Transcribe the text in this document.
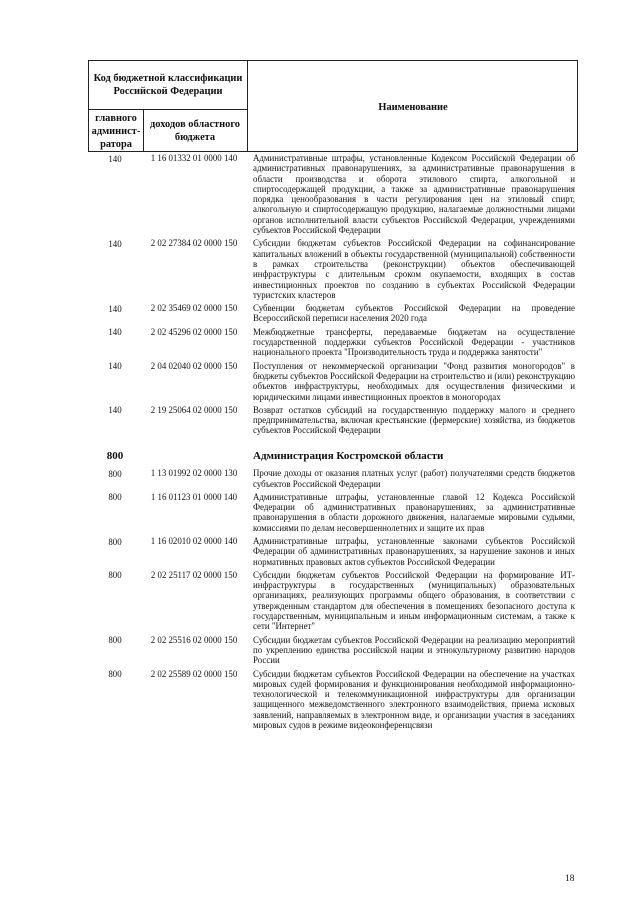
Код бюджетной классификации Российской Федерации
главного админист-ратора
доходов областного бюджета
Наименование
140	1 16 01332 01 0000 140	Административные штрафы, установленные Кодексом Российской Федерации об административных правонарушениях, за административные правонарушения в области производства и оборота этилового спирта, алкогольной и спиртосодержащей продукции, а также за административные правонарушения порядка ценообразования в части регулирования цен на этиловый спирт, алкогольную и спиртосодержащую продукцию, налагаемые должностными лицами органов исполнительной власти субъектов Российской Федерации, учреждениями субъектов Российской Федерации
140	2 02 27384 02 0000 150	Субсидии бюджетам субъектов Российской Федерации на софинансирование капитальных вложений в объекты государственной (муниципальной) собственности в рамках строительства (реконструкции) объектов обеспечивающей инфраструктуры с длительным сроком окупаемости, входящих в состав инвестиционных проектов по созданию в субъектах Российской Федерации туристских кластеров
140	2 02 35469 02 0000 150	Субвенции бюджетам субъектов Российской Федерации на проведение Всероссийской переписи населения 2020 года
140	2 02 45296 02 0000 150	Межбюджетные трансферты, передаваемые бюджетам на осуществление государственной поддержки субъектов Российской Федерации - участников национального проекта "Производительность труда и поддержка занятости"
140	2 04 02040 02 0000 150	Поступления от некоммерческой организации "Фонд развития моногородов" в бюджеты субъектов Российской Федерации на строительство и (или) реконструкцию объектов инфраструктуры, необходимых для осуществления физическими и юридическими лицами инвестиционных проектов в моногородах
140	2 19 25064 02 0000 150	Возврат остатков субсидий на государственную поддержку малого и среднего предпринимательства, включая крестьянские (фермерские) хозяйства, из бюджетов субъектов Российской Федерации
800	Администрация Костромской области
800	1 13 01992 02 0000 130	Прочие доходы от оказания платных услуг (работ) получателями средств бюджетов субъектов Российской Федерации
800	1 16 01123 01 0000 140	Административные штрафы, установленные главой 12 Кодекса Российской Федерации об административных правонарушениях, за административные правонарушения в области дорожного движения, налагаемые мировыми судьями, комиссиями по делам несовершеннолетних и защите их прав
800	1 16 02010 02 0000 140	Административные штрафы, установленные законами субъектов Российской Федерации об административных правонарушениях, за нарушение законов и иных нормативных правовых актов субъектов Российской Федерации
800	2 02 25117 02 0000 150	Субсидии бюджетам субъектов Российской Федерации на формирование ИТ-инфраструктуры в государственных (муниципальных) образовательных организациях, реализующих программы общего образования, в соответствии с утвержденным стандартом для обеспечения в помещениях безопасного доступа к государственным, муниципальным и иным информационным системам, а также к сети "Интернет"
800	2 02 25516 02 0000 150	Субсидии бюджетам субъектов Российской Федерации на реализацию мероприятий по укреплению единства российской нации и этнокультурному развитию народов России
800	2 02 25589 02 0000 150	Субсидии бюджетам субъектов Российской Федерации на обеспечение на участках мировых судей формирования и функционирования необходимой информационно-технологической и телекоммуникационной инфраструктуры для организации защищенного межведомственного электронного взаимодействия, приема исковых заявлений, направляемых в электронном виде, и организации участия в заседаниях мировых судов в режиме видеоконференцсвязи
18
